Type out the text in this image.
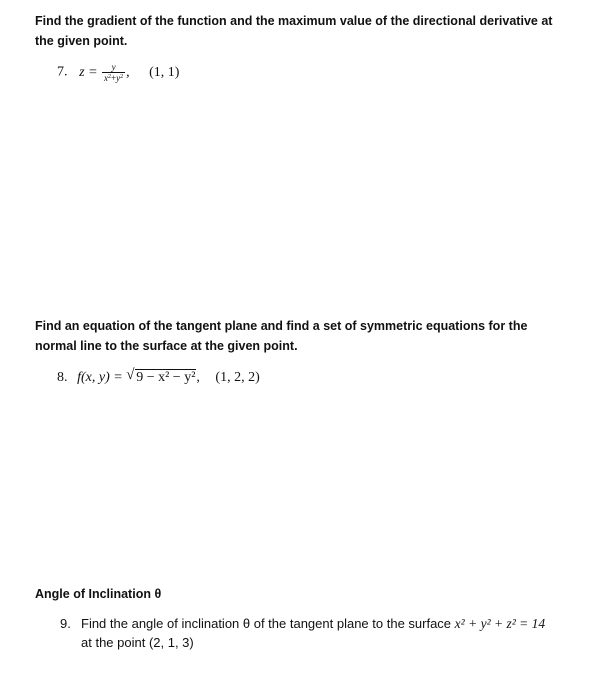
Find the gradient of the function and the maximum value of the directional derivative at the given point.
7. $z = \frac{y}{x^2+y^2}$ , (1, 1)
Find an equation of the tangent plane and find a set of symmetric equations for the normal line to the surface at the given point.
8. f(x, y) = √ 9 − x² − y², (1, 2, 2)
Angle of Inclination θ
9. Find the angle of inclination θ of the tangent plane to the surface x² + y² + z² = 14
at the point (2, 1, 3)
